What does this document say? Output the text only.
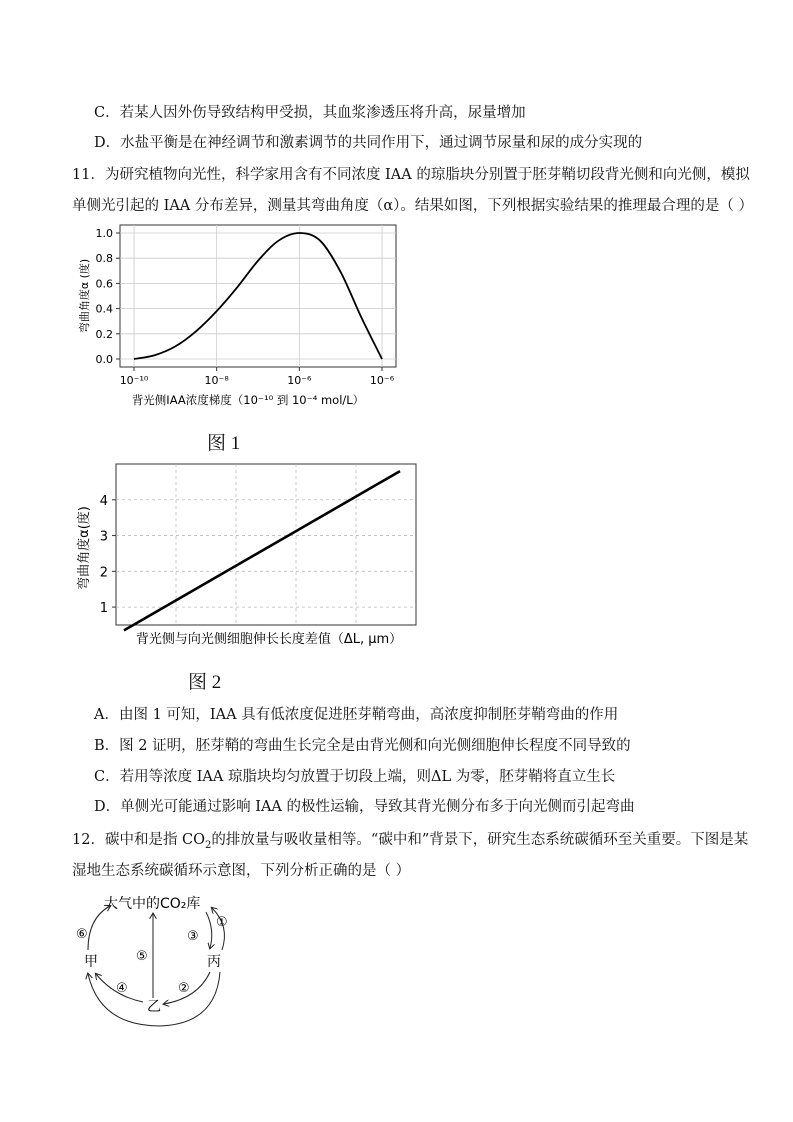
C．若某人因外伤导致结构甲受损，其血浆渗透压将升高，尿量增加
D．水盐平衡是在神经调节和激素调节的共同作用下，通过调节尿量和尿的成分实现的
11．为研究植物向光性，科学家用含有不同浓度 IAA 的琼脂块分别置于胚芽鞘切段背光侧和向光侧，模拟
单侧光引起的 IAA 分布差异，测量其弯曲角度（α）。结果如图，下列根据实验结果的推理最合理的是（ ）
0.0
0.2
0.4
0.6
0.8
1.0
10⁻¹⁰	10⁻⁸	10⁻⁶	10⁻⁶
弯曲角度α (度)
背光侧IAA浓度梯度（10⁻¹⁰ 到 10⁻⁴ mol/L）
图 1
1
2
3
4
弯曲角度α(度)
背光侧与向光侧细胞伸长长度差值（ΔL, μm）
图 2
A．由图 1 可知，IAA 具有低浓度促进胚芽鞘弯曲，高浓度抑制胚芽鞘弯曲的作用
B．图 2 证明，胚芽鞘的弯曲生长完全是由背光侧和向光侧细胞伸长程度不同导致的
C．若用等浓度 IAA 琼脂块均匀放置于切段上端，则ΔL 为零，胚芽鞘将直立生长
D．单侧光可能通过影响 IAA 的极性运输，导致其背光侧分布多于向光侧而引起弯曲
12．碳中和是指 $CO_2$的排放量与吸收量相等。“碳中和”背景下，研究生态系统碳循环至关重要。下图是某
湿地生态系统碳循环示意图，下列分析正确的是（ ）
大气中的CO₂库
甲	丙
乙
⑥	③
①
⑤
④	②
